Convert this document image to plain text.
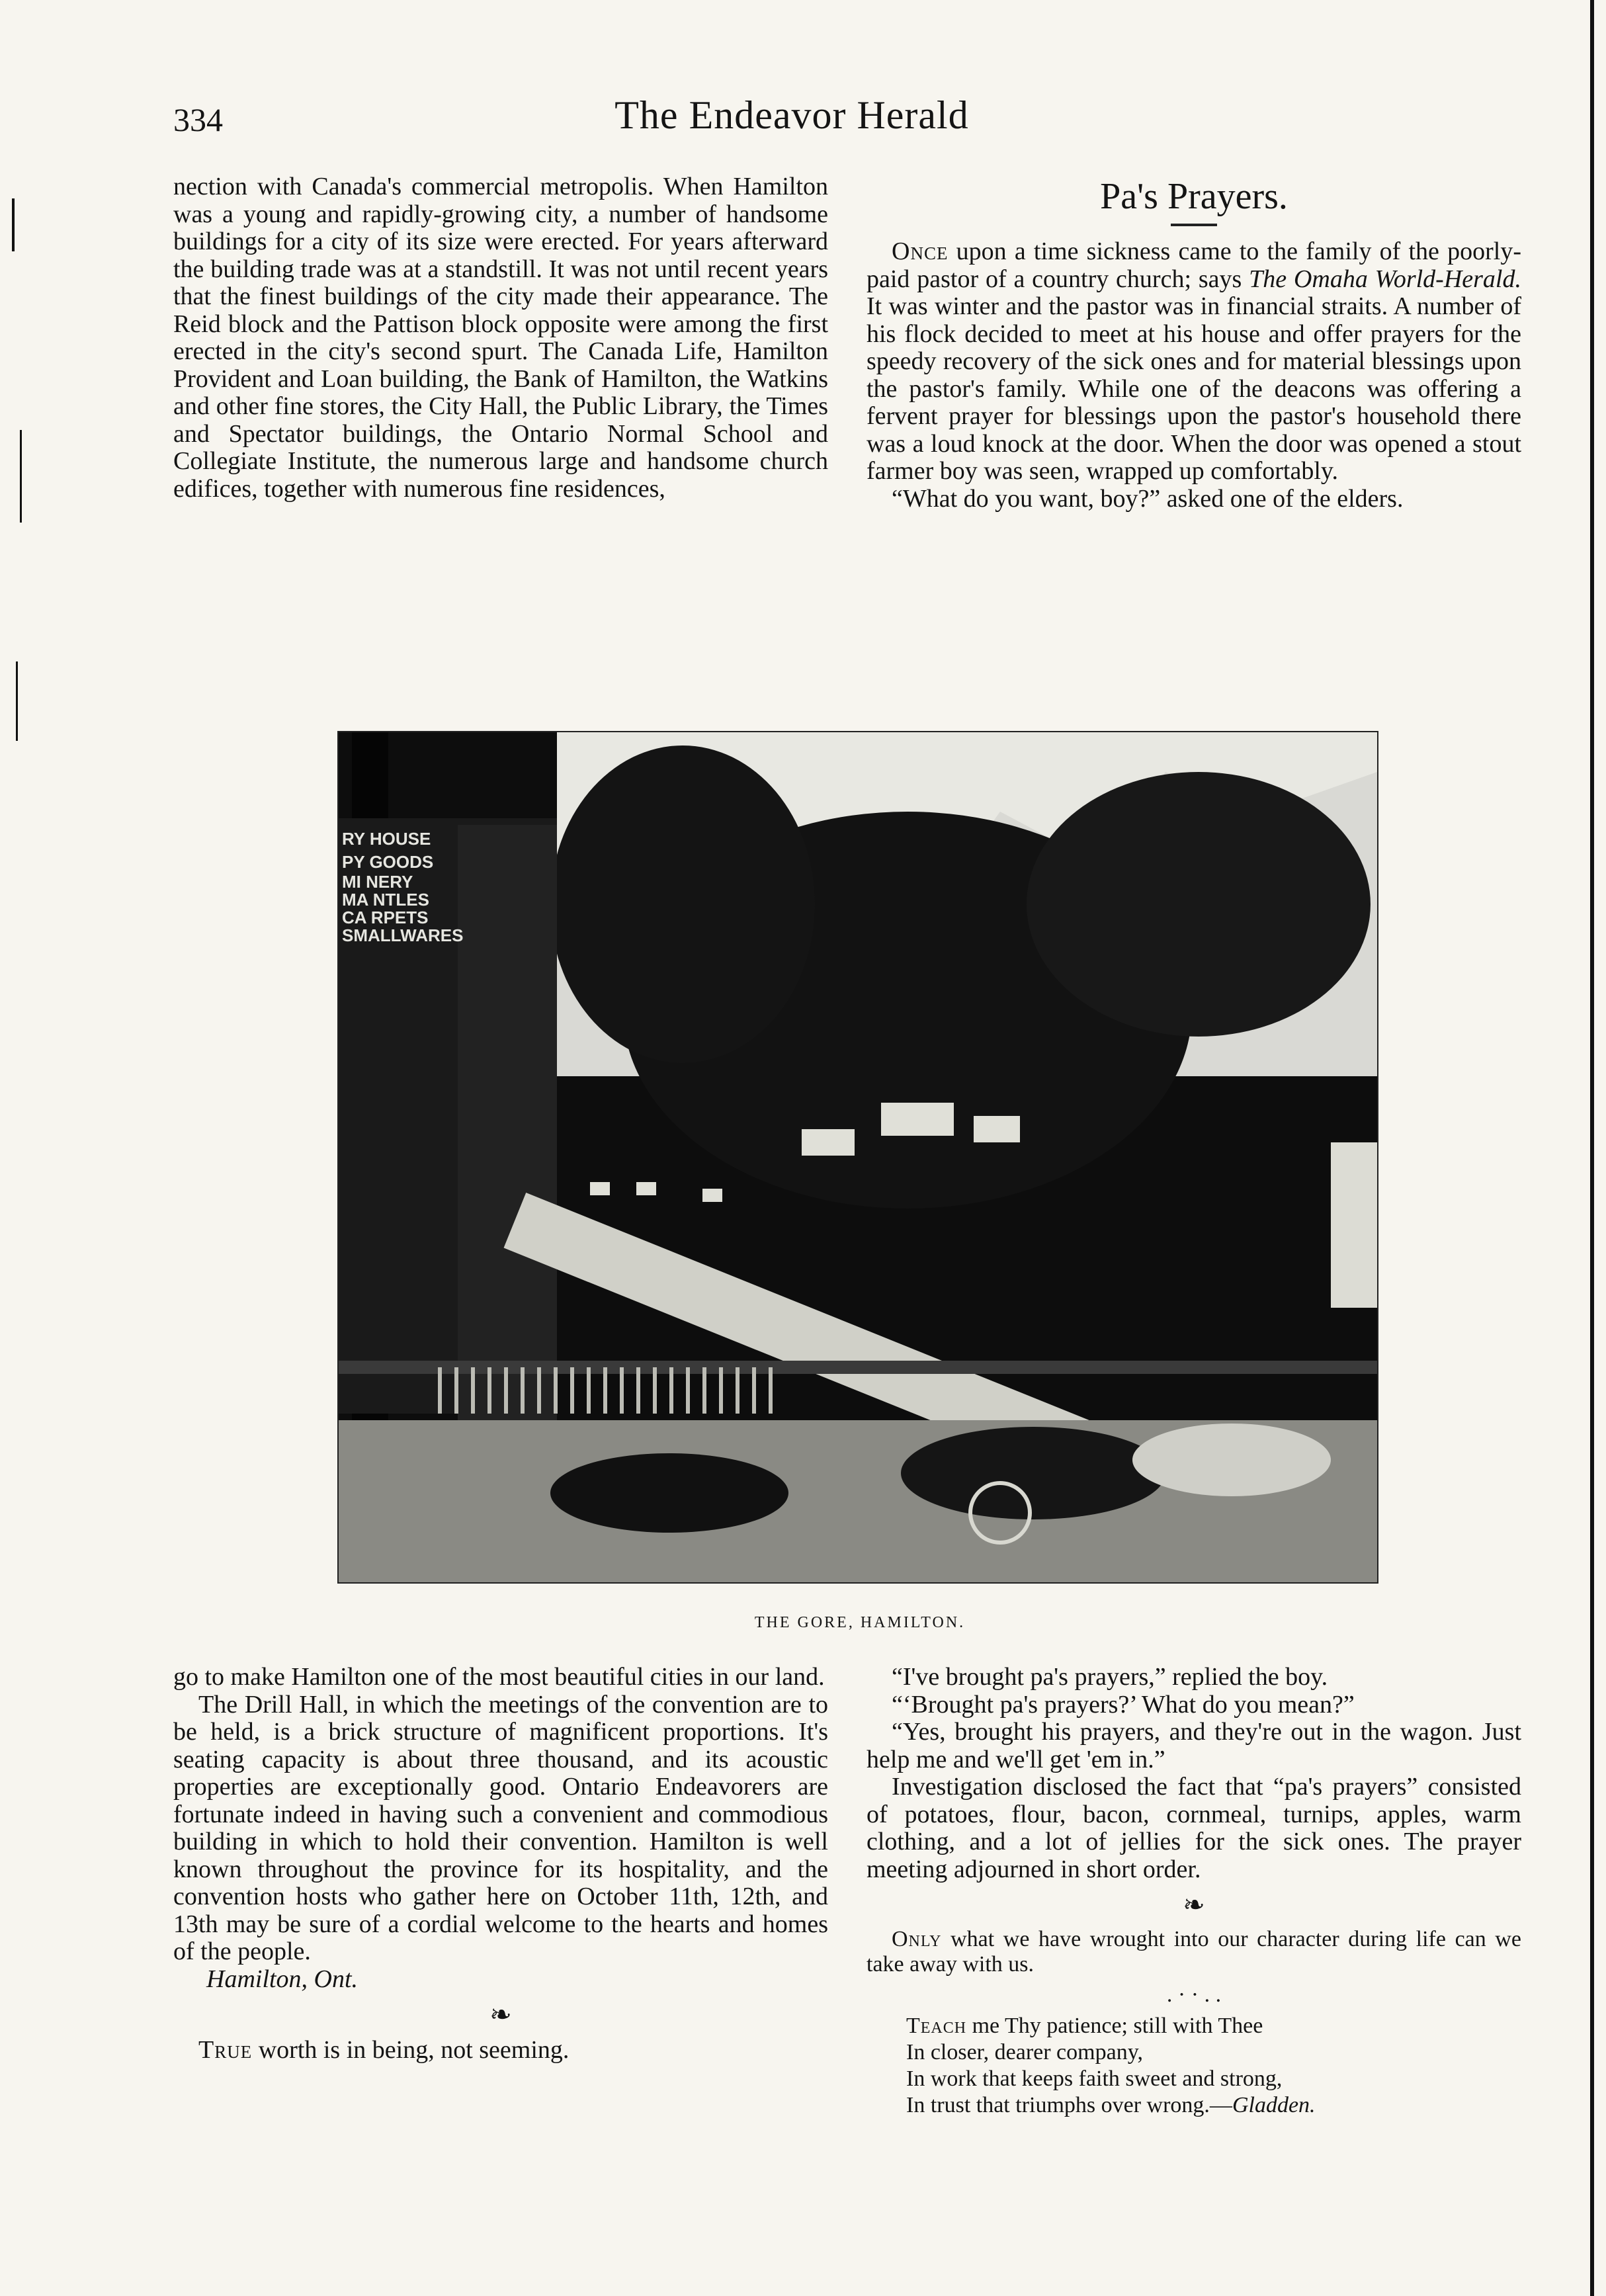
334	The Endeavor Herald

nection with Canada's commercial metropolis. When Hamilton was a young and rapidly-growing city, a number of handsome buildings for a city of its size were erected. For years afterward the building trade was at a standstill. It was not until recent years that the finest buildings of the city made their appearance. The Reid block and the Pattison block opposite were among the first erected in the city's second spurt. The Canada Life, Hamilton Provident and Loan building, the Bank of Hamilton, the Watkins and other fine stores, the City Hall, the Public Library, the Times and Spectator buildings, the Ontario Normal School and Collegiate Institute, the numerous large and handsome church edifices, together with numerous fine residences,

Pa's Prayers.

Once upon a time sickness came to the family of the poorly-paid pastor of a country church; says The Omaha World-Herald. It was winter and the pastor was in financial straits. A number of his flock decided to meet at his house and offer prayers for the speedy recovery of the sick ones and for material blessings upon the pastor's family. While one of the deacons was offering a fervent prayer for blessings upon the pastor's household there was a loud knock at the door. When the door was opened a stout farmer boy was seen, wrapped up comfortably.

“What do you want, boy?” asked one of the elders.

RY HOUSE
PY GOODS
MI NERY
MA NTLES
CA RPETS
SMALLWARES
THE GORE, HAMILTON.

go to make Hamilton one of the most beautiful cities in our land.

The Drill Hall, in which the meetings of the convention are to be held, is a brick structure of magnificent proportions. It's seating capacity is about three thousand, and its acoustic properties are exceptionally good. Ontario Endeavorers are fortunate indeed in having such a convenient and commodious building in which to hold their convention. Hamilton is well known throughout the province for its hospitality, and the convention hosts who gather here on October 11th, 12th, and 13th may be sure of a cordial welcome to the hearts and homes of the people.

Hamilton, Ont.

❧

True worth is in being, not seeming.

“I've brought pa's prayers,” replied the boy.

“‘Brought pa's prayers?’ What do you mean?”

“Yes, brought his prayers, and they're out in the wagon. Just help me and we'll get 'em in.”

Investigation disclosed the fact that “pa's prayers” consisted of potatoes, flour, bacon, cornmeal, turnips, apples, warm clothing, and a lot of jellies for the sick ones. The prayer meeting adjourned in short order.

❧

Only what we have wrought into our character during life can we take away with us.

. · · . .
Teach me Thy patience; still with Thee
In closer, dearer company,
In work that keeps faith sweet and strong,
In trust that triumphs over wrong.—Gladden.
